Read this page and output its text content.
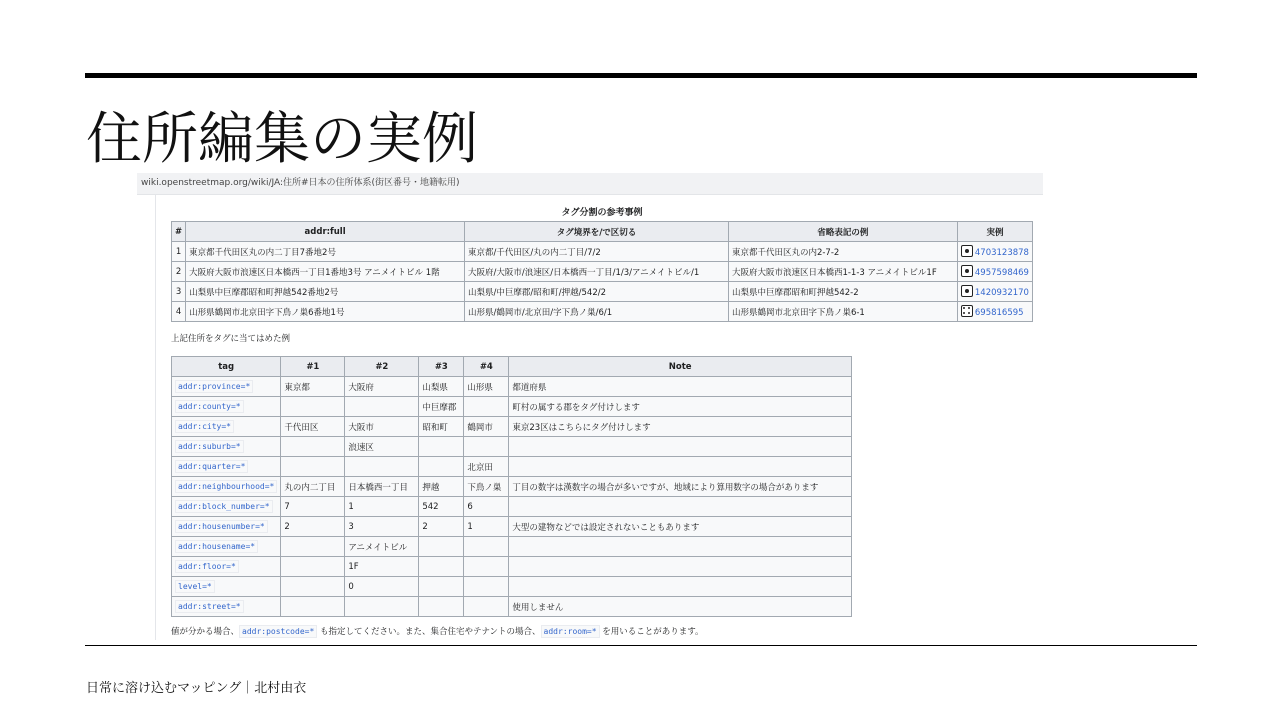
住所編集の実例
wiki.openstreetmap.org/wiki/JA:住所#日本の住所体系(街区番号・地籍転用)
タグ分割の参考事例
#	addr:full	タグ境界を/で区切る	省略表記の例	実例
1	東京都千代田区丸の内二丁目7番地2号	東京都/千代田区/丸の内二丁目/7/2	東京都千代田区丸の内2-7-2	4703123878
2	大阪府大阪市浪速区日本橋西一丁目1番地3号 アニメイトビル 1階	大阪府/大阪市/浪速区/日本橋西一丁目/1/3/アニメイトビル/1	大阪府大阪市浪速区日本橋西1-1-3 アニメイトビル1F	4957598469
3	山梨県中巨摩郡昭和町押越542番地2号	山梨県/中巨摩郡/昭和町/押越/542/2	山梨県中巨摩郡昭和町押越542-2	1420932170
4	山形県鶴岡市北京田字下鳥ノ巣6番地1号	山形県/鶴岡市/北京田/字下鳥ノ巣/6/1	山形県鶴岡市北京田字下鳥ノ巣6-1	695816595
上記住所をタグに当てはめた例
tag	#1	#2	#3	#4	Note
addr:province=*	東京都	大阪府	山梨県	山形県	都道府県
addr:county=*			中巨摩郡		町村の属する郡をタグ付けします
addr:city=*	千代田区	大阪市	昭和町	鶴岡市	東京23区はこちらにタグ付けします
addr:suburb=*		浪速区			
addr:quarter=*				北京田	
addr:neighbourhood=*	丸の内二丁目	日本橋西一丁目	押越	下鳥ノ巣	丁目の数字は漢数字の場合が多いですが、地域により算用数字の場合があります
addr:block_number=*	7	1	542	6	
addr:housenumber=*	2	3	2	1	大型の建物などでは設定されないこともあります
addr:housename=*		アニメイトビル			
addr:floor=*		1F			
level=*		0			
addr:street=*					使用しません
値が分かる場合、 addr:postcode=* も指定してください。また、集合住宅やテナントの場合、 addr:room=* を用いることがあります。
日常に溶け込むマッピング｜北村由衣
